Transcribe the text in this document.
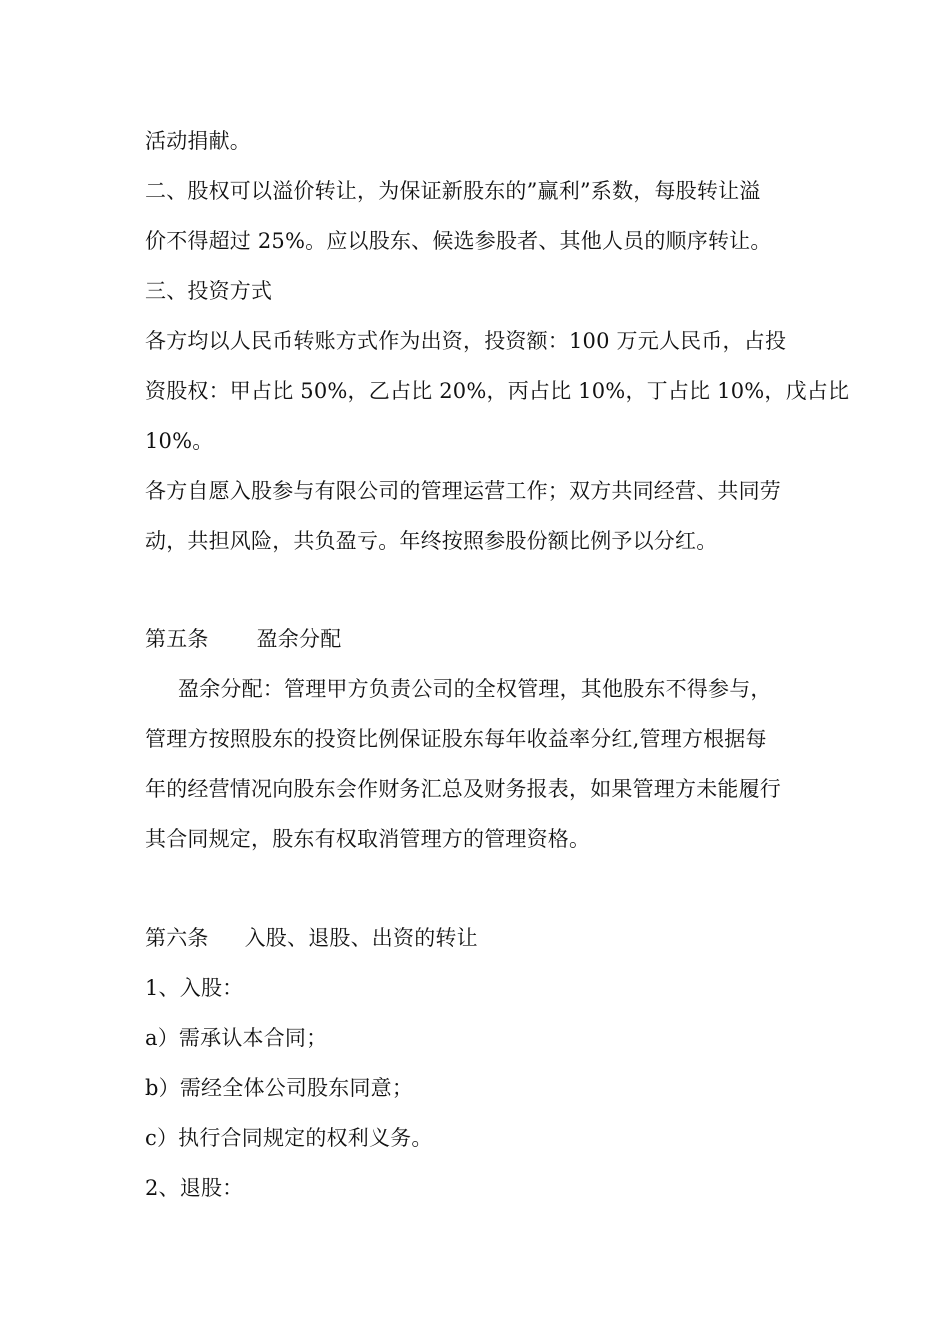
活动捐献。
二、股权可以溢价转让，为保证新股东的”赢利”系数，每股转让溢
价不得超过 25%。应以股东、候选参股者、其他人员的顺序转让。
三、投资方式
各方均以人民币转账方式作为出资，投资额：100 万元人民币，占投
资股权：甲占比 50%，乙占比 20%，丙占比 10%，丁占比 10%，戊占比
10%。
各方自愿入股参与有限公司的管理运营工作；双方共同经营、共同劳
动，共担风险，共负盈亏。年终按照参股份额比例予以分红。
第五条 盈余分配
盈余分配：管理甲方负责公司的全权管理，其他股东不得参与，
管理方按照股东的投资比例保证股东每年收益率分红,管理方根据每
年的经营情况向股东会作财务汇总及财务报表，如果管理方未能履行
其合同规定，股东有权取消管理方的管理资格。
第六条 入股、退股、出资的转让
1、入股：
a）需承认本合同；
b）需经全体公司股东同意；
c）执行合同规定的权利义务。
2、退股：
